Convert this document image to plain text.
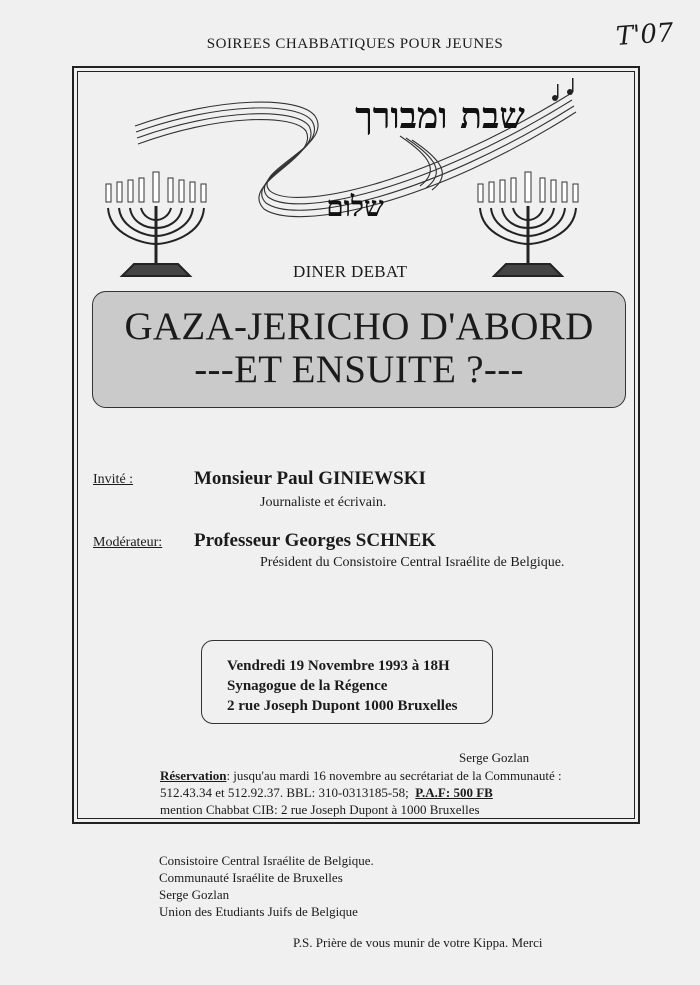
SOIREES CHABBATIQUES POUR JEUNES	T'07
שבת ומבורך
שלום
DINER DEBAT
GAZA-JERICHO D'ABORD
---ET ENSUITE ?---
Invité :	Monsieur Paul GINIEWSKI
Journaliste et écrivain.
Modérateur: Professeur Georges SCHNEK
Président du Consistoire Central Israélite de Belgique.
Vendredi 19 Novembre 1993 à 18H
Synagogue de la Régence
2 rue Joseph Dupont 1000 Bruxelles
Serge Gozlan
Réservation: jusqu'au mardi 16 novembre au secrétariat de la Communauté :
512.43.34 et 512.92.37. BBL: 310-0313185-58; P.A.F: 500 FB
mention Chabbat CIB: 2 rue Joseph Dupont à 1000 Bruxelles
Consistoire Central Israélite de Belgique.
Communauté Israélite de Bruxelles
Serge Gozlan
Union des Etudiants Juifs de Belgique
P.S. Prière de vous munir de votre Kippa. Merci
